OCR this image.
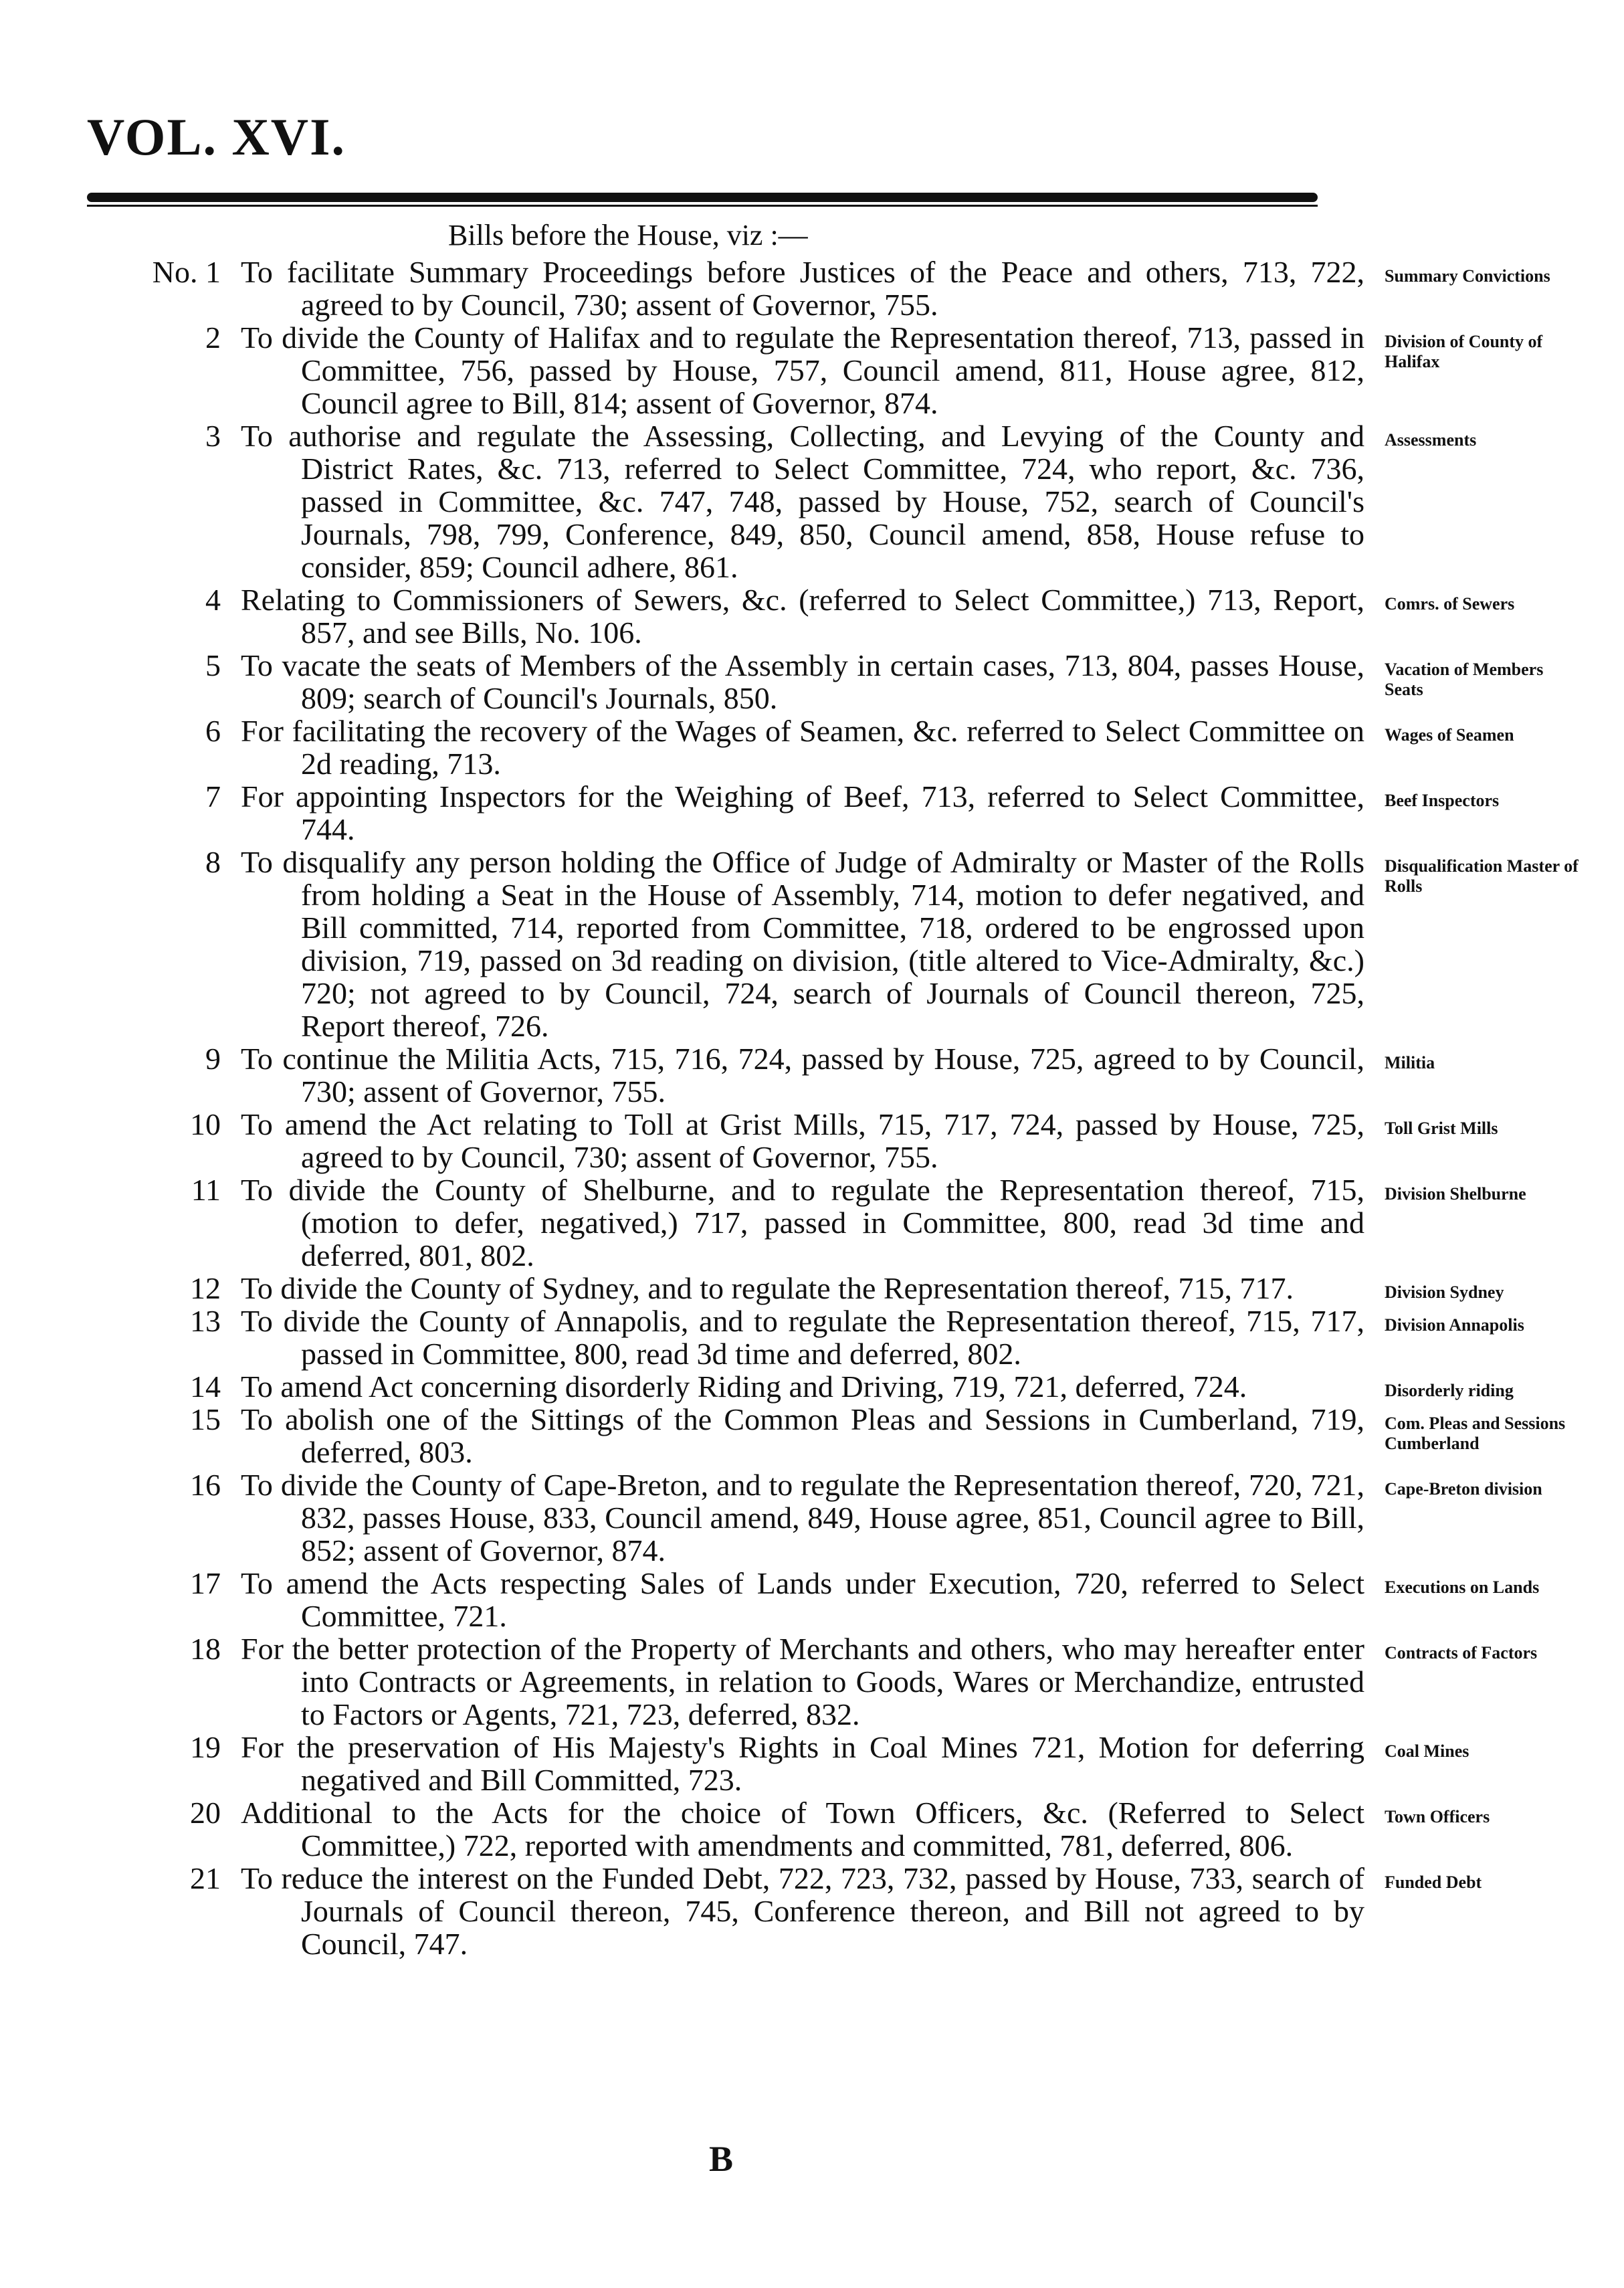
VOL. XVI.
Bills before the House, viz :—
No. 1 To facilitate Summary Proceedings before Justices of the Peace and others, 713, 722, agreed to by Council, 730; assent of Governor, 755.
Summary Convictions
2 To divide the County of Halifax and to regulate the Representation thereof, 713, passed in Committee, 756, passed by House, 757, Council amend, 811, House agree, 812, Council agree to Bill, 814; assent of Governor, 874.
Division of County of Halifax
3 To authorise and regulate the Assessing, Collecting, and Levying of the County and District Rates, &c. 713, referred to Select Committee, 724, who report, &c. 736, passed in Committee, &c. 747, 748, passed by House, 752, search of Council's Journals, 798, 799, Conference, 849, 850, Council amend, 858, House refuse to consider, 859; Council adhere, 861.
Assessments
4 Relating to Commissioners of Sewers, &c. (referred to Select Committee,) 713, Report, 857, and see Bills, No. 106.
Comrs. of Sewers
5 To vacate the seats of Members of the Assembly in certain cases, 713, 804, passes House, 809; search of Council's Journals, 850.
Vacation of Members Seats
6 For facilitating the recovery of the Wages of Seamen, &c. referred to Select Committee on 2d reading, 713.
Wages of Seamen
7 For appointing Inspectors for the Weighing of Beef, 713, referred to Select Committee, 744.
Beef Inspectors
8 To disqualify any person holding the Office of Judge of Admiralty or Master of the Rolls from holding a Seat in the House of Assembly, 714, motion to defer negatived, and Bill committed, 714, reported from Committee, 718, ordered to be engrossed upon division, 719, passed on 3d reading on division, (title altered to Vice-Admiralty, &c.) 720; not agreed to by Council, 724, search of Journals of Council thereon, 725, Report thereof, 726.
Disqualification Master of Rolls
9 To continue the Militia Acts, 715, 716, 724, passed by House, 725, agreed to by Council, 730; assent of Governor, 755.
Militia
10 To amend the Act relating to Toll at Grist Mills, 715, 717, 724, passed by House, 725, agreed to by Council, 730; assent of Governor, 755.
Toll Grist Mills
11 To divide the County of Shelburne, and to regulate the Representation thereof, 715, (motion to defer, negatived,) 717, passed in Committee, 800, read 3d time and deferred, 801, 802.
Division Shelburne
12 To divide the County of Sydney, and to regulate the Representation thereof, 715, 717.	Division Sydney
13 To divide the County of Annapolis, and to regulate the Representation thereof, 715, 717, passed in Committee, 800, read 3d time and deferred, 802.
Division Annapolis
14 To amend Act concerning disorderly Riding and Driving, 719, 721, deferred, 724.	Disorderly riding
15 To abolish one of the Sittings of the Common Pleas and Sessions in Cumberland, 719, deferred, 803.
Com. Pleas and Sessions Cumberland
16 To divide the County of Cape-Breton, and to regulate the Representation thereof, 720, 721, 832, passes House, 833, Council amend, 849, House agree, 851, Council agree to Bill, 852; assent of Governor, 874.
Cape-Breton division
17 To amend the Acts respecting Sales of Lands under Execution, 720, referred to Select Committee, 721.
Executions on Lands
18 For the better protection of the Property of Merchants and others, who may hereafter enter into Contracts or Agreements, in relation to Goods, Wares or Merchandize, entrusted to Factors or Agents, 721, 723, deferred, 832.
Contracts of Factors
19 For the preservation of His Majesty's Rights in Coal Mines 721, Motion for deferring negatived and Bill Committed, 723.
Coal Mines
20 Additional to the Acts for the choice of Town Officers, &c. (Referred to Select Committee,) 722, reported with amendments and committed, 781, deferred, 806.
Town Officers
21 To reduce the interest on the Funded Debt, 722, 723, 732, passed by House, 733, search of Journals of Council thereon, 745, Conference thereon, and Bill not agreed to by Council, 747.
Funded Debt
B
